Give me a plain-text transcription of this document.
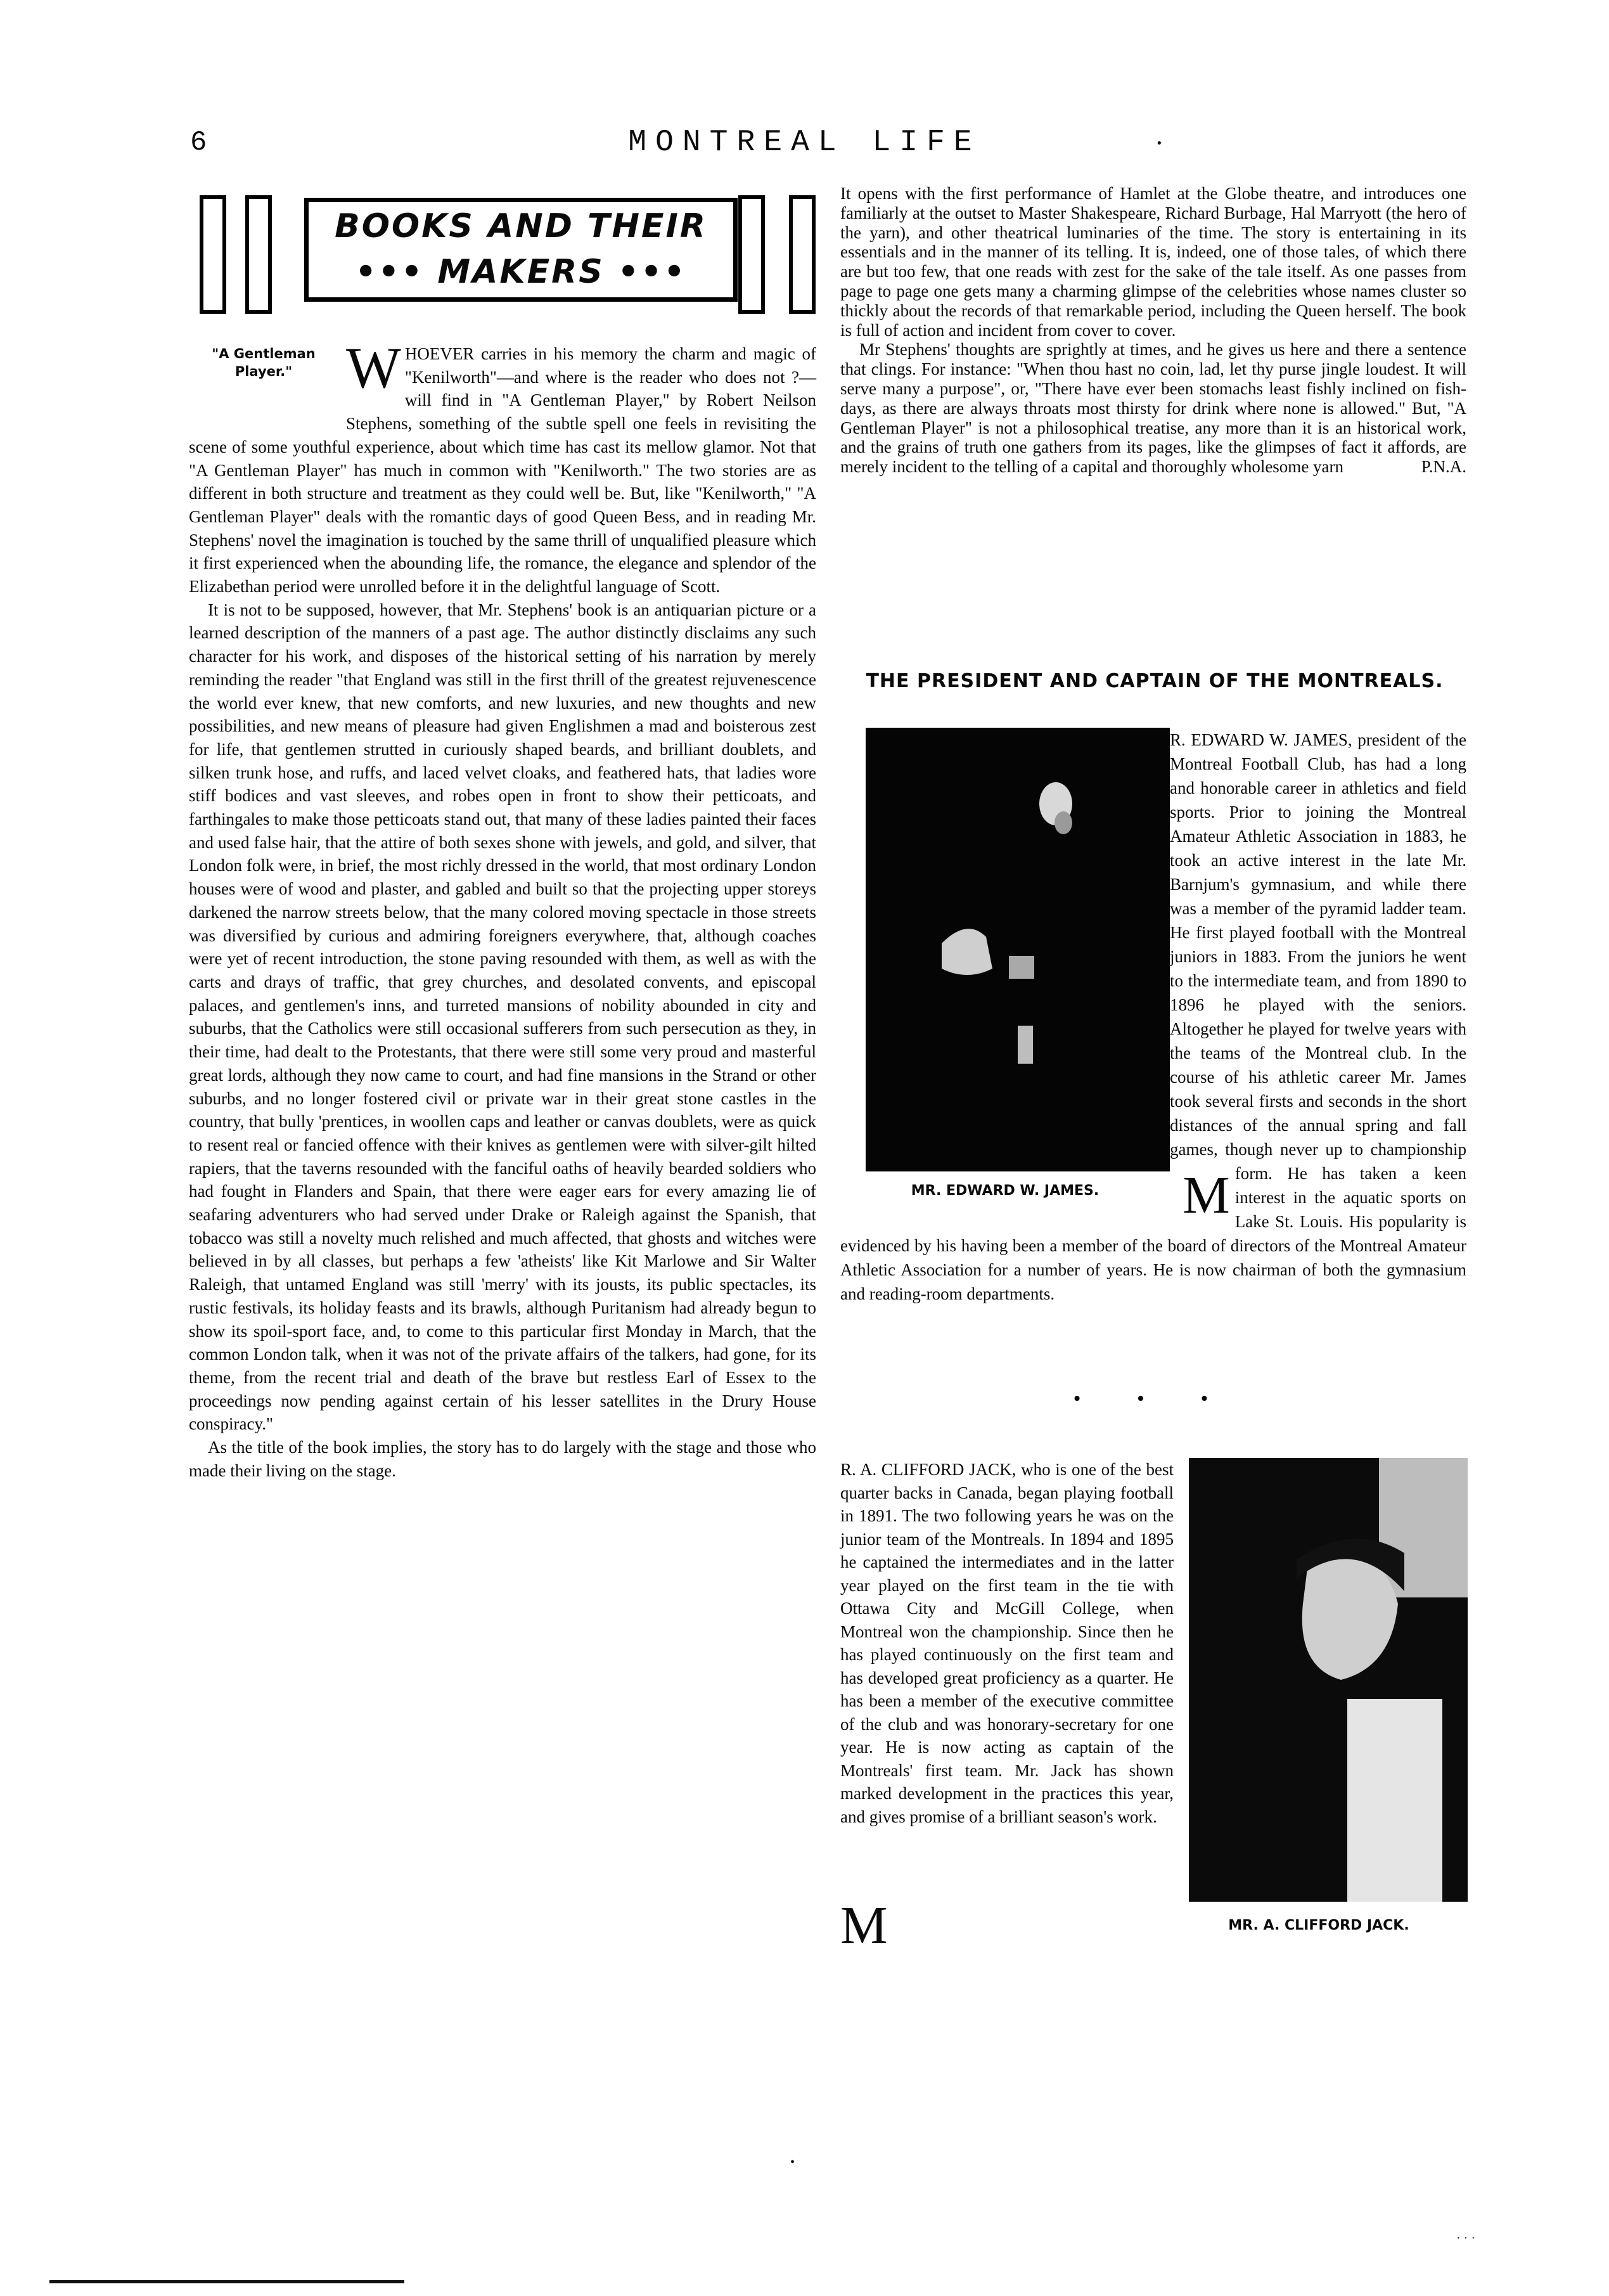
6	MONTREAL LIFE	·
BOOKS AND THEIR
••• MAKERS •••

"A Gentleman Player." W HOEVER carries in his memory the charm and magic of "Kenilworth"—and where is the reader who does not ?—will find in "A Gentleman Player," by Robert Neilson Stephens, something of the subtle spell one feels in revisiting the scene of some youthful experience, about which time has cast its mellow glamor. Not that "A Gentleman Player" has much in common with "Kenilworth." The two stories are as different in both structure and treatment as they could well be. But, like "Kenilworth," "A Gentleman Player" deals with the romantic days of good Queen Bess, and in reading Mr. Stephens' novel the imagination is touched by the same thrill of unqualified pleasure which it first experienced when the abounding life, the romance, the elegance and splendor of the Elizabethan period were unrolled before it in the delightful language of Scott.

It is not to be supposed, however, that Mr. Stephens' book is an antiquarian picture or a learned description of the manners of a past age. The author distinctly disclaims any such character for his work, and disposes of the historical setting of his narration by merely reminding the reader "that England was still in the first thrill of the greatest rejuvenescence the world ever knew, that new comforts, and new luxuries, and new thoughts and new possibilities, and new means of pleasure had given Englishmen a mad and boisterous zest for life, that gentlemen strutted in curiously shaped beards, and brilliant doublets, and silken trunk hose, and ruffs, and laced velvet cloaks, and feathered hats, that ladies wore stiff bodices and vast sleeves, and robes open in front to show their petticoats, and farthingales to make those petticoats stand out, that many of these ladies painted their faces and used false hair, that the attire of both sexes shone with jewels, and gold, and silver, that London folk were, in brief, the most richly dressed in the world, that most ordinary London houses were of wood and plaster, and gabled and built so that the projecting upper storeys darkened the narrow streets below, that the many colored moving spectacle in those streets was diversified by curious and admiring foreigners everywhere, that, although coaches were yet of recent introduction, the stone paving resounded with them, as well as with the carts and drays of traffic, that grey churches, and desolated convents, and episcopal palaces, and gentlemen's inns, and turreted mansions of nobility abounded in city and suburbs, that the Catholics were still occasional sufferers from such persecution as they, in their time, had dealt to the Protestants, that there were still some very proud and masterful great lords, although they now came to court, and had fine mansions in the Strand or other suburbs, and no longer fostered civil or private war in their great stone castles in the country, that bully 'prentices, in woollen caps and leather or canvas doublets, were as quick to resent real or fancied offence with their knives as gentlemen were with silver-gilt hilted rapiers, that the taverns resounded with the fanciful oaths of heavily bearded soldiers who had fought in Flanders and Spain, that there were eager ears for every amazing lie of seafaring adventurers who had served under Drake or Raleigh against the Spanish, that tobacco was still a novelty much relished and much affected, that ghosts and witches were believed in by all classes, but perhaps a few 'atheists' like Kit Marlowe and Sir Walter Raleigh, that untamed England was still 'merry' with its jousts, its public spectacles, its rustic festivals, its holiday feasts and its brawls, although Puritanism had already begun to show its spoil-sport face, and, to come to this particular first Monday in March, that the common London talk, when it was not of the private affairs of the talkers, had gone, for its theme, from the recent trial and death of the brave but restless Earl of Essex to the proceedings now pending against certain of his lesser satellites in the Drury House conspiracy."

As the title of the book implies, the story has to do largely with the stage and those who made their living on the stage.

It opens with the first performance of Hamlet at the Globe theatre, and introduces one familiarly at the outset to Master Shakespeare, Richard Burbage, Hal Marryott (the hero of the yarn), and other theatrical luminaries of the time. The story is entertaining in its essentials and in the manner of its telling. It is, indeed, one of those tales, of which there are but too few, that one reads with zest for the sake of the tale itself. As one passes from page to page one gets many a charming glimpse of the celebrities whose names cluster so thickly about the records of that remarkable period, including the Queen herself. The book is full of action and incident from cover to cover.

Mr Stephens' thoughts are sprightly at times, and he gives us here and there a sentence that clings. For instance: "When thou hast no coin, lad, let thy purse jingle loudest. It will serve many a purpose", or, "There have ever been stomachs least fishly inclined on fish-days, as there are always throats most thirsty for drink where none is allowed." But, "A Gentleman Player" is not a philosophical treatise, any more than it is an historical work, and the grains of truth one gathers from its pages, like the glimpses of fact it affords, are merely incident to the telling of a capital and thoroughly wholesome yarn	P.N.A.

THE PRESIDENT AND CAPTAIN OF THE MONTREALS.
MR. EDWARD W. JAMES.	M
R. EDWARD W. JAMES, president of the Montreal Football Club, has had a long and honorable career in athletics and field sports. Prior to joining the Montreal Amateur Athletic Association in 1883, he took an active interest in the late Mr. Barnjum's gymnasium, and while there was a member of the pyramid ladder team. He first played football with the Montreal juniors in 1883. From the juniors he went to the intermediate team, and from 1890 to 1896 he played with the seniors. Altogether he played for twelve years with the teams of the Montreal club. In the course of his athletic career Mr. James took several firsts and seconds in the short distances of the annual spring and fall games, though never up to championship form. He has taken a keen interest in the aquatic sports on Lake St. Louis. His popularity is evidenced by his having been a member of the board of directors of the Montreal Amateur Athletic Association for a number of years. He is now chairman of both the gymnasium and reading-room departments.

• • •
MR. A. CLIFFORD JACK.

M
R. A. CLIFFORD JACK, who is one of the best quarter backs in Canada, began playing football in 1891. The two following years he was on the junior team of the Montreals. In 1894 and 1895 he captained the intermediates and in the latter year played on the first team in the tie with Ottawa City and McGill College, when Montreal won the championship. Since then he has played continuously on the first team and has developed great proficiency as a quarter. He has been a member of the executive committee of the club and was honorary-secretary for one year. He is now acting as captain of the Montreals' first team. Mr. Jack has shown marked development in the practices this year, and gives promise of a brilliant season's work.

•
· · ·
